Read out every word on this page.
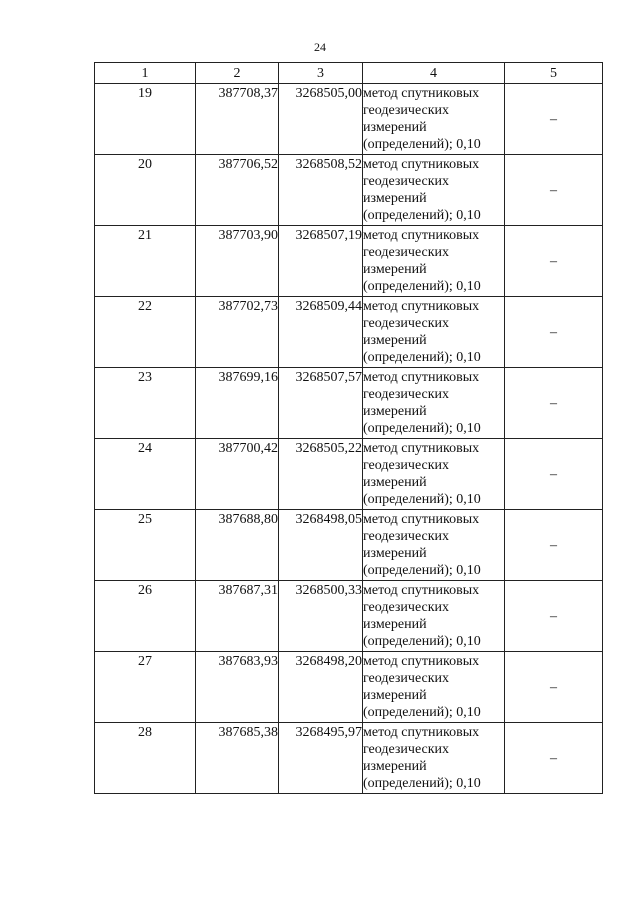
24
1	2	3	4	5
19	387708,37	3268505,00	метод спутниковых геодезических измерений (определений); 0,10	–
20	387706,52	3268508,52	метод спутниковых геодезических измерений (определений); 0,10	–
21	387703,90	3268507,19	метод спутниковых геодезических измерений (определений); 0,10	–
22	387702,73	3268509,44	метод спутниковых геодезических измерений (определений); 0,10	–
23	387699,16	3268507,57	метод спутниковых геодезических измерений (определений); 0,10	–
24	387700,42	3268505,22	метод спутниковых геодезических измерений (определений); 0,10	–
25	387688,80	3268498,05	метод спутниковых геодезических измерений (определений); 0,10	–
26	387687,31	3268500,33	метод спутниковых геодезических измерений (определений); 0,10	–
27	387683,93	3268498,20	метод спутниковых геодезических измерений (определений); 0,10	–
28	387685,38	3268495,97	метод спутниковых геодезических измерений (определений); 0,10	–
